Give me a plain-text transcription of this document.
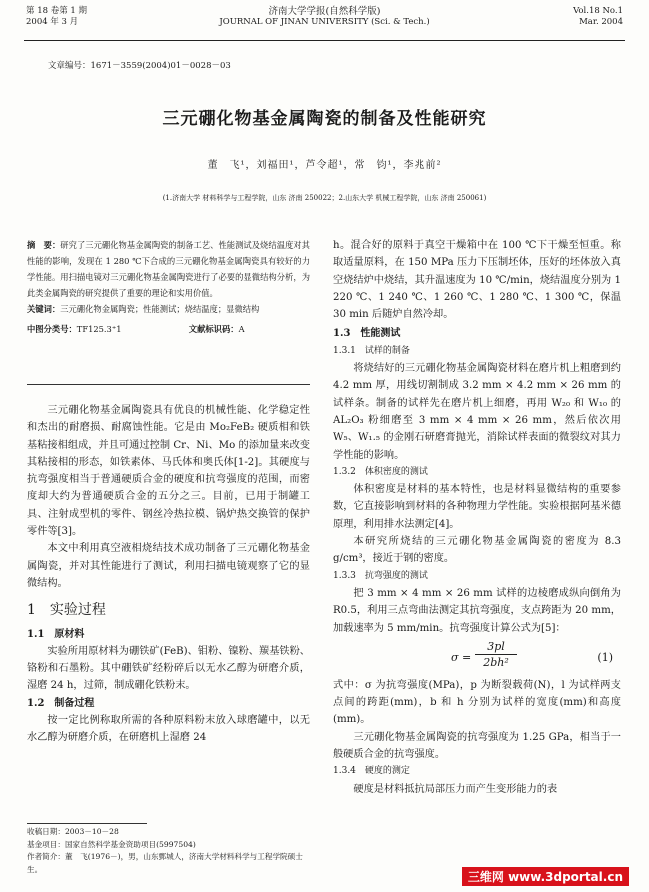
第 18 卷第 1 期
2004 年 3 月
济南大学学报(自然科学版)
JOURNAL OF JINAN UNIVERSITY (Sci. & Tech.)
Vol.18 No.1
Mar. 2004
文章编号：1671－3559(2004)01－0028－03
三元硼化物基金属陶瓷的制备及性能研究
董　飞¹，刘福田¹，芦令超¹，常　钧¹，李兆前²
(1.济南大学 材料科学与工程学院，山东 济南 250022；2.山东大学 机械工程学院，山东 济南 250061)

摘　要：研究了三元硼化物基金属陶瓷的制备工艺、性能测试及烧结温度对其性能的影响，发现在 1 280 ℃下合成的三元硼化物基金属陶瓷具有较好的力学性能。用扫描电镜对三元硼化物基金属陶瓷进行了必要的显微结构分析，为此类金属陶瓷的研究提供了重要的理论和实用价值。

关键词：三元硼化物金属陶瓷；性能测试；烧结温度；显微结构

中图分类号：TF125.3⁺1	文献标识码：A

三元硼化物基金属陶瓷具有优良的机械性能、化学稳定性和杰出的耐磨损、耐腐蚀性能。它是由 Mo₂FeB₂ 硬质相和铁基粘接相组成，并且可通过控制 Cr、Ni、Mo 的添加量来改变其粘接相的形态，如铁素体、马氏体和奥氏体[1-2]。其硬度与抗弯强度相当于普通硬质合金的硬度和抗弯强度的范围，而密度却大约为普通硬质合金的五分之三。目前，已用于制罐工具、注射成型机的零件、钢丝冷热拉模、锅炉热交换管的保护零件等[3]。

本文中利用真空液相烧结技术成功制备了三元硼化物基金属陶瓷，并对其性能进行了测试，利用扫描电镜观察了它的显微结构。

1　实验过程

1.1　原材料

实验所用原材料为硼铁矿(FeB)、钼粉、镍粉、羰基铁粉、铬粉和石墨粉。其中硼铁矿经粉碎后以无水乙醇为研磨介质，湿磨 24 h，过筛，制成硼化铁粉末。

1.2　制备过程

按一定比例称取所需的各种原料粉末放入球磨罐中，以无水乙醇为研磨介质，在研磨机上湿磨 24

收稿日期：2003－10－28

基金项目：国家自然科学基金资助项目(5997504)

作者简介：董　飞(1976－)，男，山东鄄城人，济南大学材料科学与工程学院硕士生。

h。混合好的原料于真空干燥箱中在 100 ℃下干燥至恒重。称取适量原料，在 150 MPa 压力下压制坯体，压好的坯体放入真空烧结炉中烧结，其升温速度为 10 ℃/min，烧结温度分别为 1 220 ℃、1 240 ℃、1 260 ℃、1 280 ℃、1 300 ℃，保温 30 min 后随炉自然冷却。

1.3　性能测试

1.3.1　试样的制备

将烧结好的三元硼化物基金属陶瓷材料在磨片机上粗磨到约 4.2 mm 厚，用线切割制成 3.2 mm × 4.2 mm × 26 mm 的试样条。制备的试样先在磨片机上细磨，再用 W₂₀ 和 W₁₀ 的 AL₂O₃ 粉细磨至 3 mm × 4 mm × 26 mm，然后依次用 W₅、W₁.₅ 的金刚石研磨膏抛光，消除试样表面的微裂纹对其力学性能的影响。

1.3.2　体积密度的测试

体积密度是材料的基本特性，也是材料显微结构的重要参数，它直接影响到材料的各种物理力学性能。实验根据阿基米德原理，利用排水法测定[4]。

本研究所烧结的三元硼化物基金属陶瓷的密度为 8.3 g/cm³，接近于钢的密度。

1.3.3　抗弯强度的测试

把 3 mm × 4 mm × 26 mm 试样的边棱磨成纵向倒角为 R0.5，利用三点弯曲法测定其抗弯强度，支点跨距为 20 mm，加载速率为 5 mm/min。抗弯强度计算公式为[5]：

$\sigma = \frac{3pl}{\text{2bh²}}$	(1)

式中：σ 为抗弯强度(MPa)，p 为断裂载荷(N)，l 为试样两支点间的跨距(mm)，b 和 h 分别为试样的宽度(mm)和高度(mm)。

三元硼化物基金属陶瓷的抗弯强度为 1.25 GPa，相当于一般硬质合金的抗弯强度。

1.3.4　硬度的测定

硬度是材料抵抗局部压力而产生变形能力的表

三维网 www.3dportal.cn
